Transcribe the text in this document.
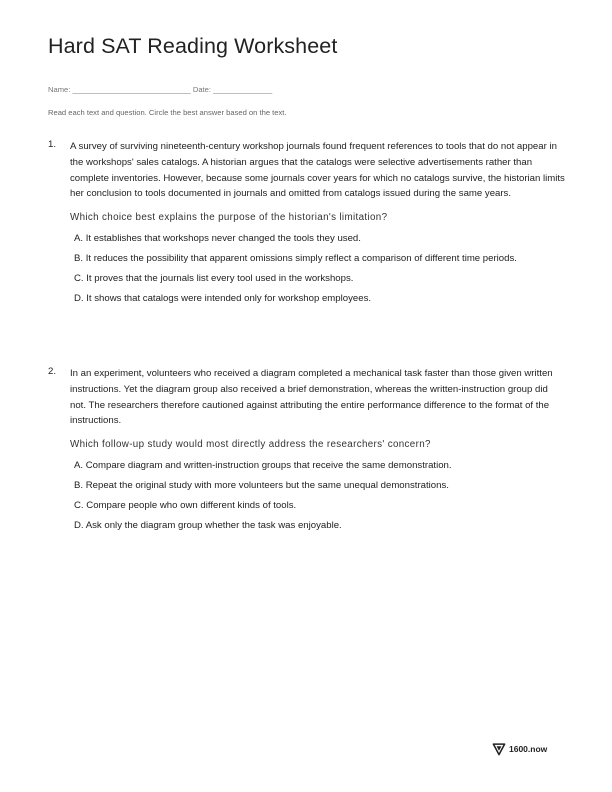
Hard SAT Reading Worksheet
Name: ____________________________ Date: ______________
Read each text and question. Circle the best answer based on the text.
1. A survey of surviving nineteenth-century workshop journals found frequent references to tools that do not appear in the workshops' sales catalogs. A historian argues that the catalogs were selective advertisements rather than complete inventories. However, because some journals cover years for which no catalogs survive, the historian limits her conclusion to tools documented in journals and omitted from catalogs issued during the same years.

Which choice best explains the purpose of the historian's limitation?

A. It establishes that workshops never changed the tools they used.
B. It reduces the possibility that apparent omissions simply reflect a comparison of different time periods.
C. It proves that the journals list every tool used in the workshops.
D. It shows that catalogs were intended only for workshop employees.
2. In an experiment, volunteers who received a diagram completed a mechanical task faster than those given written instructions. Yet the diagram group also received a brief demonstration, whereas the written-instruction group did not. The researchers therefore cautioned against attributing the entire performance difference to the format of the instructions.

Which follow-up study would most directly address the researchers' concern?

A. Compare diagram and written-instruction groups that receive the same demonstration.
B. Repeat the original study with more volunteers but the same unequal demonstrations.
C. Compare people who own different kinds of tools.
D. Ask only the diagram group whether the task was enjoyable.
1600.now
